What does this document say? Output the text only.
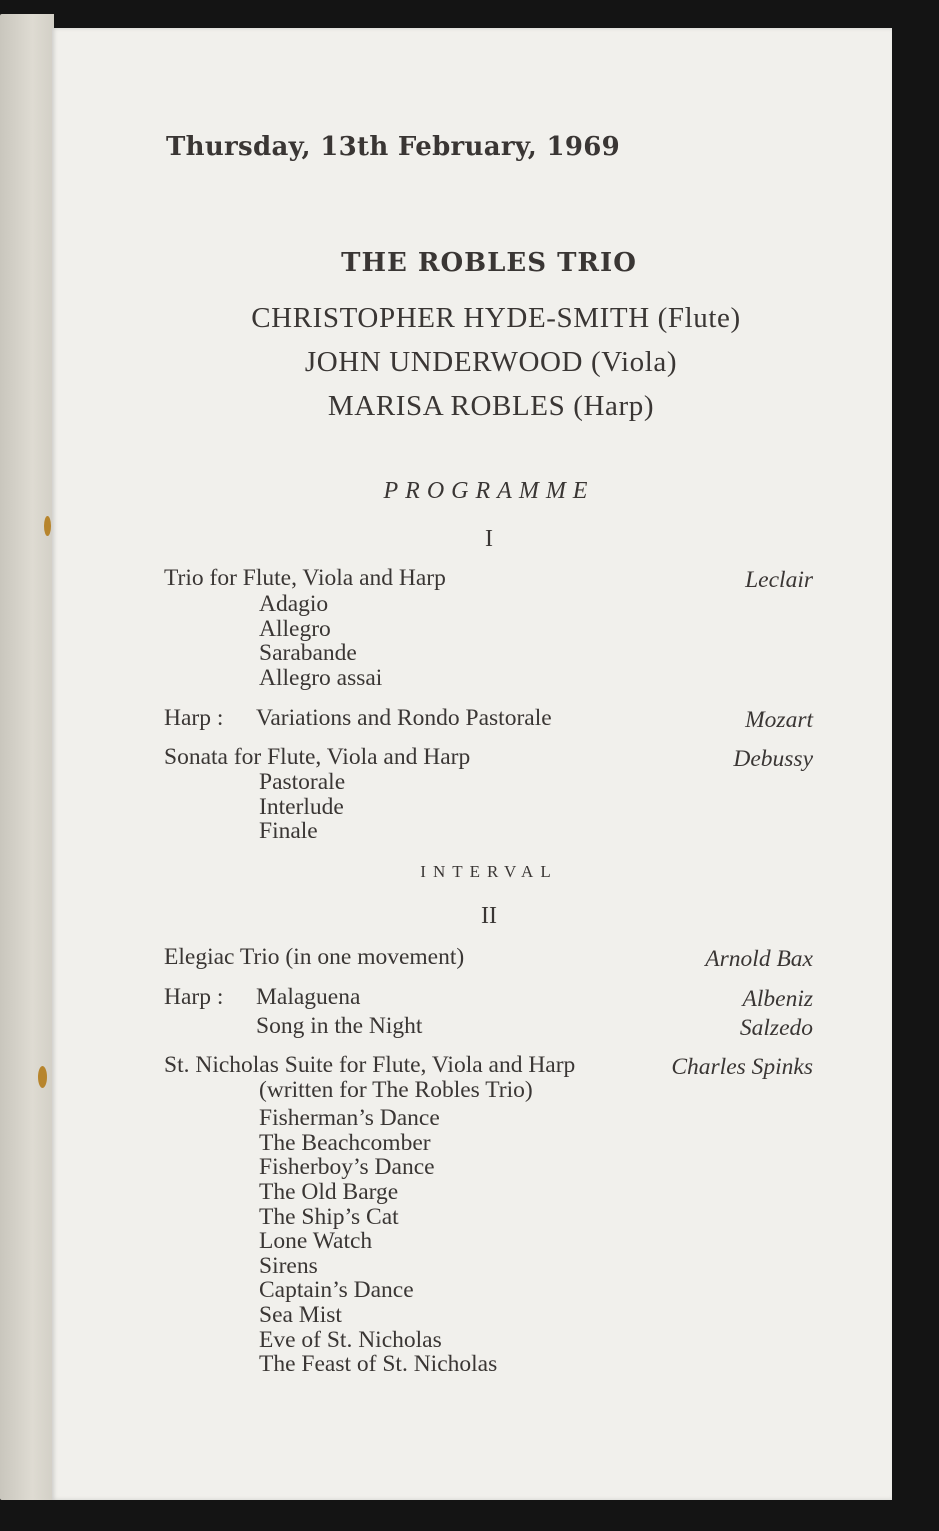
Thursday, 13th February, 1969
THE ROBLES TRIO
CHRISTOPHER HYDE-SMITH (Flute)
JOHN UNDERWOOD (Viola)
MARISA ROBLES (Harp)
PROGRAMME
I
Trio for Flute, Viola and Harp	Leclair
Adagio
Allegro
Sarabande
Allegro assai
Harp : Variations and Rondo Pastorale	Mozart
Sonata for Flute, Viola and Harp	Debussy
Pastorale
Interlude
Finale
INTERVAL
II
Elegiac Trio (in one movement)	Arnold Bax
Harp : Malaguena	Albeniz
Song in the Night	Salzedo
St. Nicholas Suite for Flute, Viola and Harp	Charles Spinks
(written for The Robles Trio)
Fisherman’s Dance
The Beachcomber
Fisherboy’s Dance
The Old Barge
The Ship’s Cat
Lone Watch
Sirens
Captain’s Dance
Sea Mist
Eve of St. Nicholas
The Feast of St. Nicholas
